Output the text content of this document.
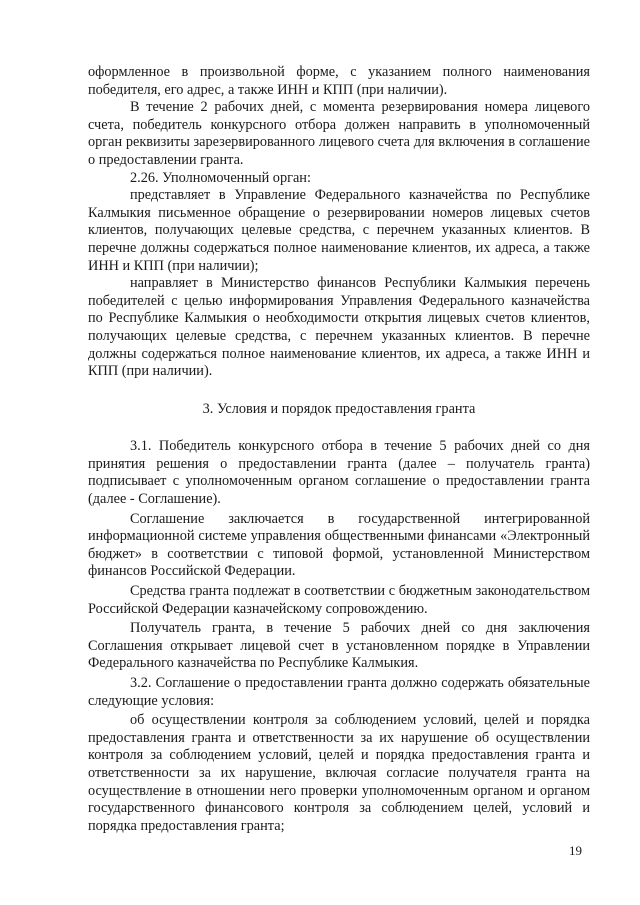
оформленное в произвольной форме, с указанием полного наименования победителя, его адрес, а также ИНН и КПП (при наличии).

В течение 2 рабочих дней, с момента резервирования номера лицевого счета, победитель конкурсного отбора должен направить в уполномоченный орган реквизиты зарезервированного лицевого счета для включения в соглашение о предоставлении гранта.

2.26. Уполномоченный орган:

представляет в Управление Федерального казначейства по Республике Калмыкия письменное обращение о резервировании номеров лицевых счетов клиентов, получающих целевые средства, с перечнем указанных клиентов. В перечне должны содержаться полное наименование клиентов, их адреса, а также ИНН и КПП (при наличии);

направляет в Министерство финансов Республики Калмыкия перечень победителей с целью информирования Управления Федерального казначейства по Республике Калмыкия о необходимости открытия лицевых счетов клиентов, получающих целевые средства, с перечнем указанных клиентов. В перечне должны содержаться полное наименование клиентов, их адреса, а также ИНН и КПП (при наличии).

3. Условия и порядок предоставления гранта

3.1. Победитель конкурсного отбора в течение 5 рабочих дней со дня принятия решения о предоставлении гранта (далее – получатель гранта) подписывает с уполномоченным органом соглашение о предоставлении гранта (далее - Соглашение).

Соглашение заключается в государственной интегрированной информационной системе управления общественными финансами «Электронный бюджет» в соответствии с типовой формой, установленной Министерством финансов Российской Федерации.

Средства гранта подлежат в соответствии с бюджетным законодательством Российской Федерации казначейскому сопровождению.

Получатель гранта, в течение 5 рабочих дней со дня заключения Соглашения открывает лицевой счет в установленном порядке в Управлении Федерального казначейства по Республике Калмыкия.

3.2. Соглашение о предоставлении гранта должно содержать обязательные следующие условия:

об осуществлении контроля за соблюдением условий, целей и порядка предоставления гранта и ответственности за их нарушение об осуществлении контроля за соблюдением условий, целей и порядка предоставления гранта и ответственности за их нарушение, включая согласие получателя гранта на осуществление в отношении него проверки уполномоченным органом и органом государственного финансового контроля за соблюдением целей, условий и порядка предоставления гранта;

19
